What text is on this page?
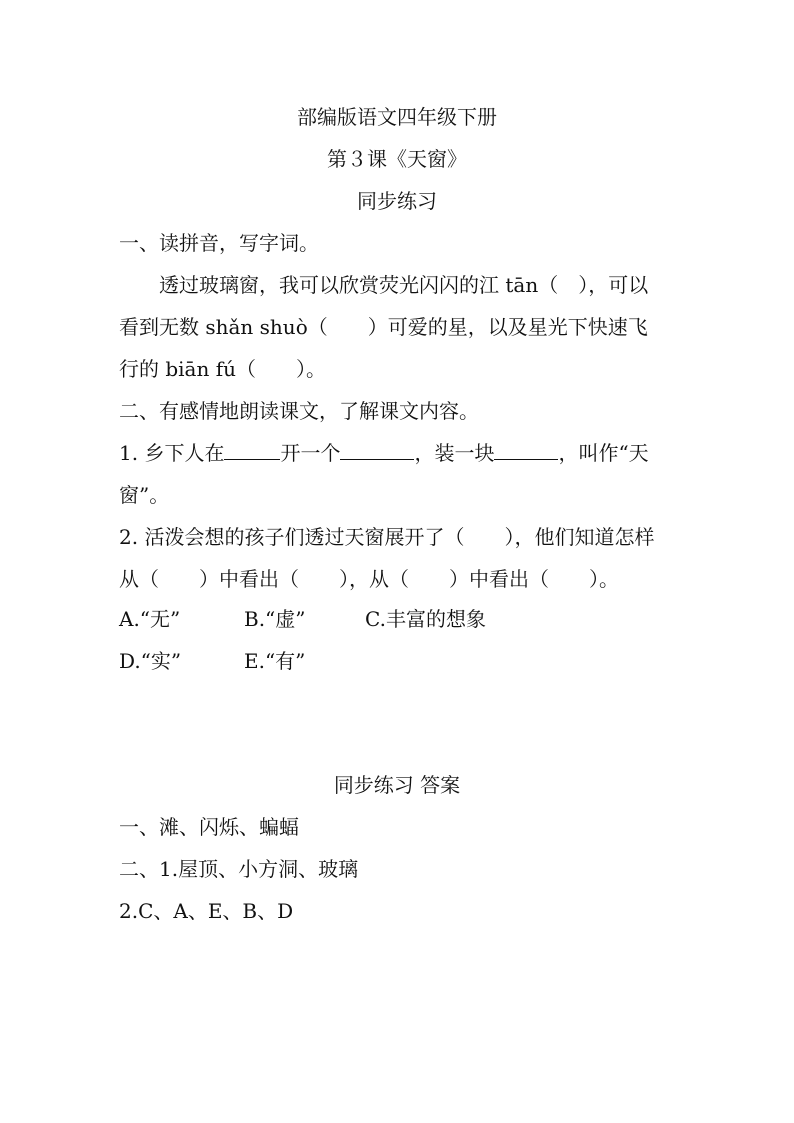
部编版语文四年级下册
第３课《天窗》
同步练习
一、读拼音，写字词。
透过玻璃窗，我可以欣赏荧光闪闪的江 tān（　），可以
看到无数 shǎn shuò（　　）可爱的星，以及星光下快速飞
行的 biān fú（　　）。
二、有感情地朗读课文，了解课文内容。
1. 乡下人在	开一个	，装一块	，叫作“天
窗”。
2. 活泼会想的孩子们透过天窗展开了（　　），他们知道怎样
从（　　）中看出（　　），从（　　）中看出（　　）。
A.“无”	B.“虚”	C.丰富的想象
D.“实”	E.“有”
同步练习 答案
一、滩、闪烁、蝙蝠
二、1.屋顶、小方洞、玻璃
2.C、A、E、B、D
